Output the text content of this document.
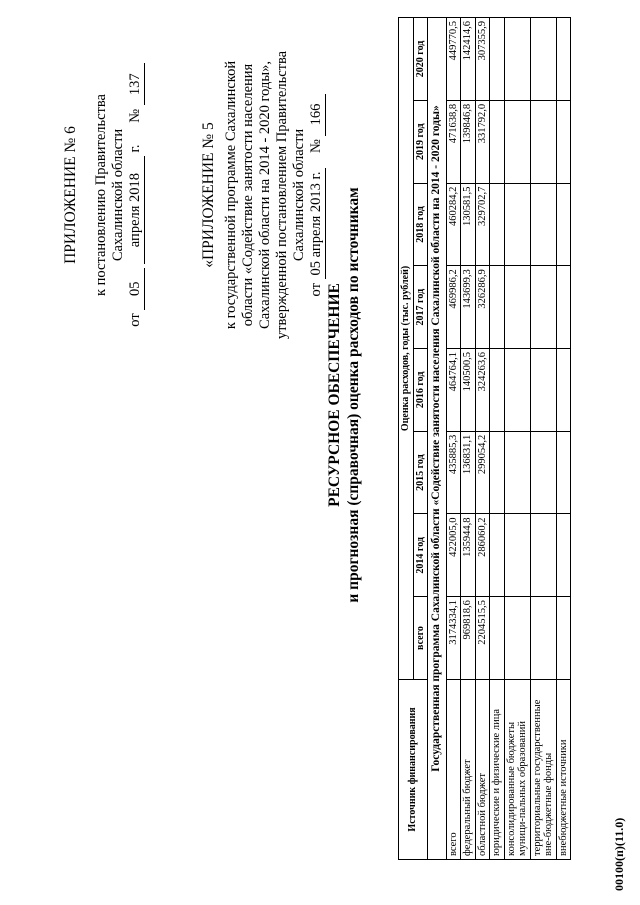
ПРИЛОЖЕНИЕ № 6 к постановлению Правительства Сахалинской области
от 05 апреля 2018 г.      № 137
«ПРИЛОЖЕНИЕ № 5 к государственной программе Сахалинской области «Содействие занятости населения Сахалинской области на 2014 - 2020 годы», утвержденной постановлением Правительства Сахалинской области
от 05 апреля 2013 г.    № 166
РЕСУРСНОЕ ОБЕСПЕЧЕНИЕ и прогнозная (справочная) оценка расходов по источникам
Источник финансирования	Оценка расходов, годы (тыс. рублей)							
	всего	2014 год	2015 год	2016 год	2017 год	2018 год	2019 год	2020 год
Государственная программа Сахалинской области «Содействие занятости населения Сахалинской области на 2014 - 2020 годы»								
всего	3174334,1	422005,0	435885,3	464764,1	469986,2	460284,2	471638,8	449770,5
федеральный бюджет	969818,6	135944,8	136831,1	140500,5	143699,3	130581,5	139846,8	142414,6
областной бюджет	2204515,5	286060,2	299054,2	324263,6	326286,9	329702,7	331792,0	307355,9
юридические и физические лица								
консолидированные бюджеты муници-пальных образований								
территориальные государственные вне-бюджетные фонды								
внебюджетные источники									00100(п)(11.0)
